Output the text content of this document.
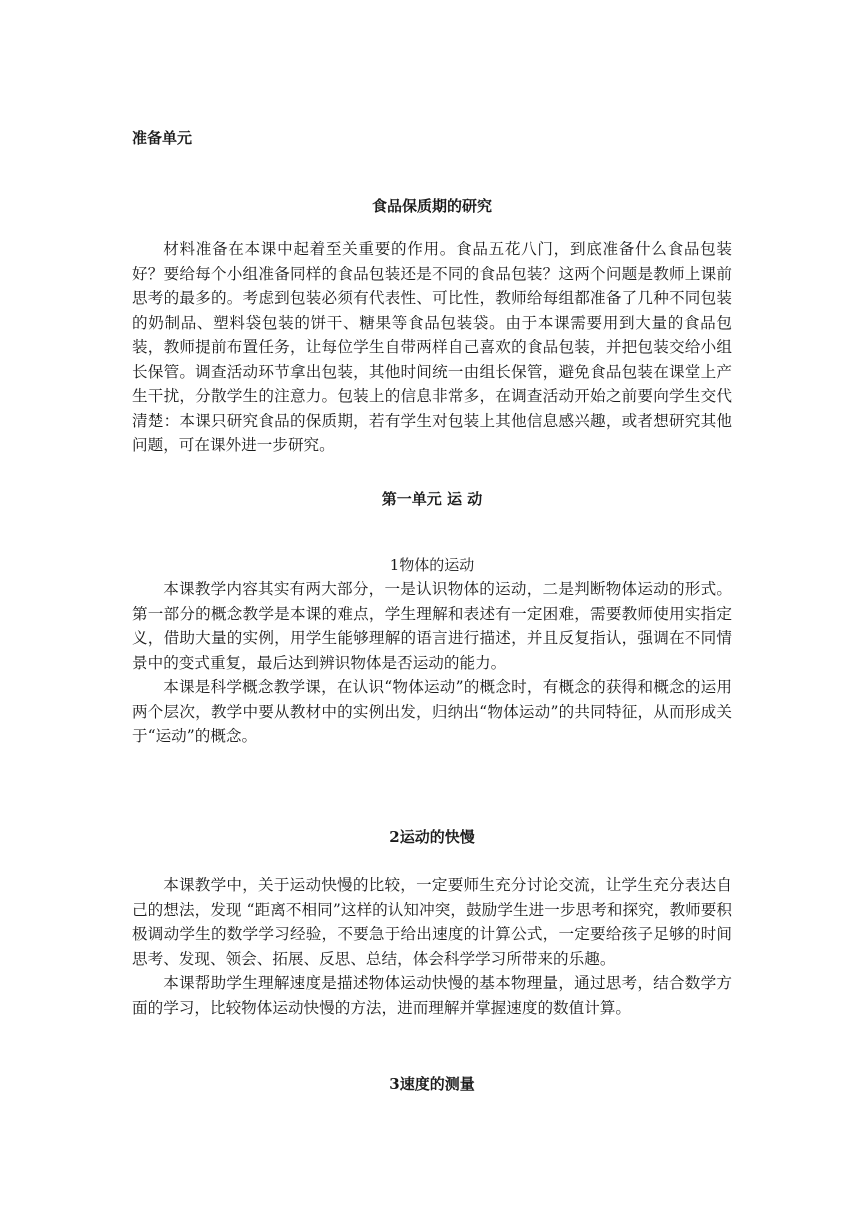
准备单元
食品保质期的研究

材料准备在本课中起着至关重要的作用。食品五花八门，到底准备什么食品包装好？要给每个小组准备同样的食品包装还是不同的食品包装？这两个问题是教师上课前思考的最多的。考虑到包装必须有代表性、可比性，教师给每组都准备了几种不同包装的奶制品、塑料袋包装的饼干、糖果等食品包装袋。由于本课需要用到大量的食品包装，教师提前布置任务，让每位学生自带两样自己喜欢的食品包装，并把包装交给小组长保管。调查活动环节拿出包装，其他时间统一由组长保管，避免食品包装在课堂上产生干扰，分散学生的注意力。包装上的信息非常多，在调查活动开始之前要向学生交代清楚：本课只研究食品的保质期，若有学生对包装上其他信息感兴趣，或者想研究其他问题，可在课外进一步研究。

第一单元 运 动
1物体的运动

本课教学内容其实有两大部分，一是认识物体的运动，二是判断物体运动的形式。第一部分的概念教学是本课的难点，学生理解和表述有一定困难，需要教师使用实指定义，借助大量的实例，用学生能够理解的语言进行描述，并且反复指认，强调在不同情景中的变式重复，最后达到辨识物体是否运动的能力。

本课是科学概念教学课，在认识“物体运动”的概念时，有概念的获得和概念的运用两个层次，教学中要从教材中的实例出发，归纳出“物体运动”的共同特征，从而形成关于“运动”的概念。

2运动的快慢

本课教学中，关于运动快慢的比较，一定要师生充分讨论交流，让学生充分表达自己的想法，发现 “距离不相同”这样的认知冲突，鼓励学生进一步思考和探究，教师要积极调动学生的数学学习经验，不要急于给出速度的计算公式，一定要给孩子足够的时间思考、发现、领会、拓展、反思、总结，体会科学学习所带来的乐趣。

本课帮助学生理解速度是描述物体运动快慢的基本物理量，通过思考，结合数学方面的学习，比较物体运动快慢的方法，进而理解并掌握速度的数值计算。

3速度的测量
